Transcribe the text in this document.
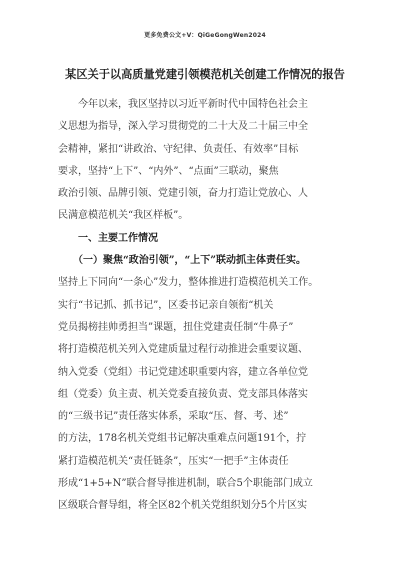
更多免费公文+V：QiGeGongWen2024
某区关于以高质量党建引领模范机关创建工作情况的报告
　　今年以来，我区坚持以习近平新时代中国特色社会主
义思想为指导，深入学习贯彻党的二十大及二十届三中全
会精神，紧扣“讲政治、守纪律、负责任、有效率”目标
要求，坚持“上下”、“内外”、“点面”三联动，聚焦
政治引领、品牌引领、党建引领，奋力打造让党放心、人
民满意模范机关“我区样板”。
　　一、主要工作情况
　　（一）聚焦“政治引领”，“上下”联动抓主体责任实。
坚持上下同向“一条心”发力，整体推进打造模范机关工作。
实行“书记抓、抓书记”，区委书记亲自领衔“机关
党员揭榜挂帅勇担当”课题，扭住党建责任制“牛鼻子”
将打造模范机关列入党建质量过程行动推进会重要议题、
纳入党委（党组）书记党建述职重要内容，建立各单位党
组（党委）负主责、机关党委直接负责、党支部具体落实
的“三级书记”责任落实体系，采取“压、督、考、述”
的方法，178名机关党组书记解决重难点问题191个，拧
紧打造模范机关“责任链条”，压实“一把手”主体责任
形成“1+5+N”联合督导推进机制，联合5个职能部门成立
区级联合督导组，将全区82个机关党组织划分5个片区实
